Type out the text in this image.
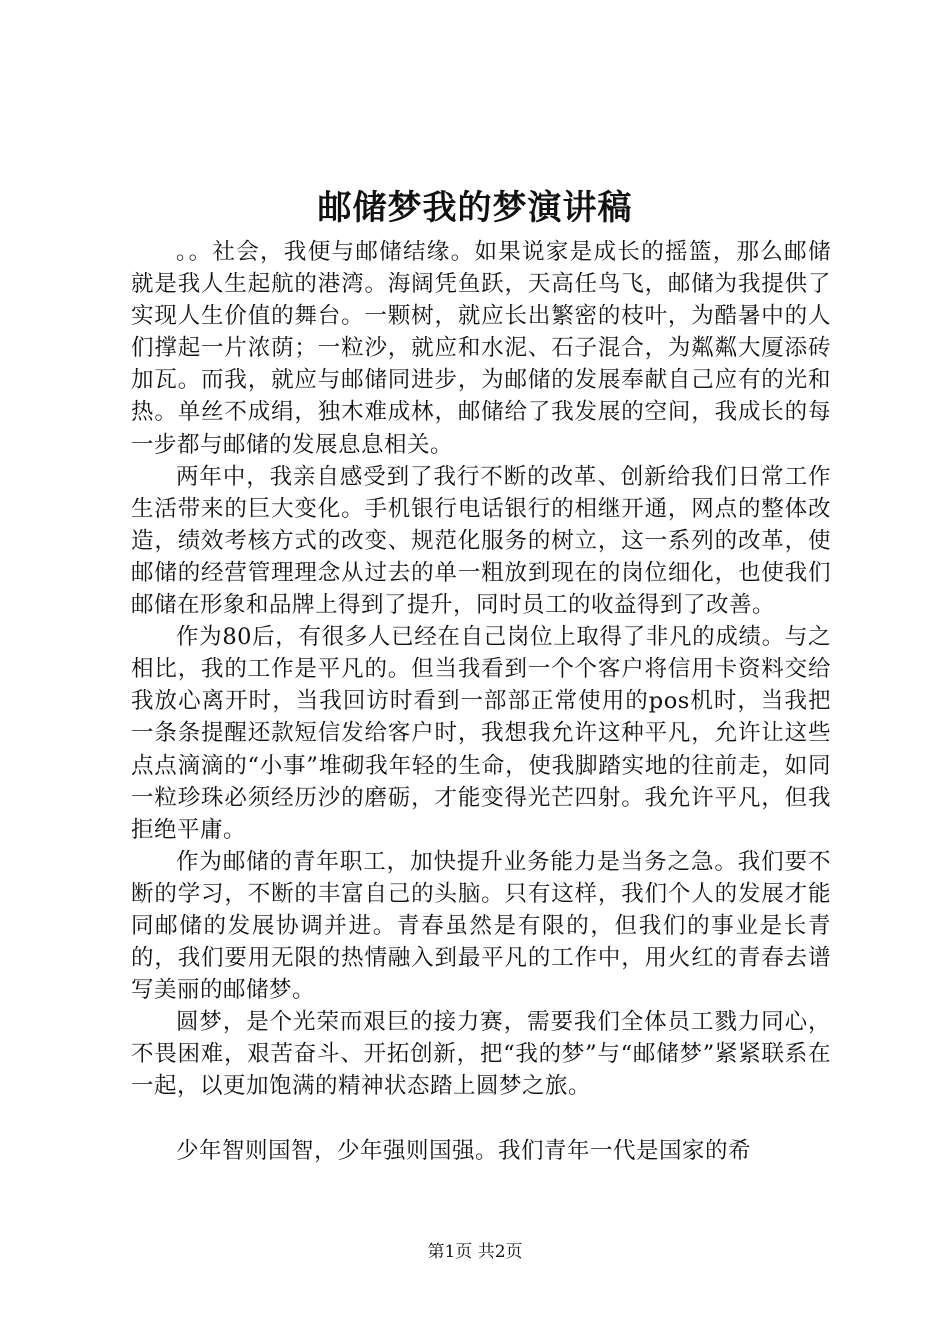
邮储梦我的梦演讲稿

。。社会，我便与邮储结缘。如果说家是成长的摇篮，那么邮储就是我人生起航的港湾。海阔凭鱼跃，天高任鸟飞，邮储为我提供了实现人生价值的舞台。一颗树，就应长出繁密的枝叶，为酷暑中的人们撑起一片浓荫；一粒沙，就应和水泥、石子混合，为粼粼大厦添砖加瓦。而我，就应与邮储同进步，为邮储的发展奉献自己应有的光和热。单丝不成绢，独木难成林，邮储给了我发展的空间，我成长的每一步都与邮储的发展息息相关。

两年中，我亲自感受到了我行不断的改革、创新给我们日常工作生活带来的巨大变化。手机银行电话银行的相继开通，网点的整体改造，绩效考核方式的改变、规范化服务的树立，这一系列的改革，使邮储的经营管理理念从过去的单一粗放到现在的岗位细化，也使我们邮储在形象和品牌上得到了提升，同时员工的收益得到了改善。

作为80后，有很多人已经在自己岗位上取得了非凡的成绩。与之相比，我的工作是平凡的。但当我看到一个个客户将信用卡资料交给我放心离开时，当我回访时看到一部部正常使用的pos机时，当我把一条条提醒还款短信发给客户时，我想我允许这种平凡，允许让这些点点滴滴的“小事”堆砌我年轻的生命，使我脚踏实地的往前走，如同一粒珍珠必须经历沙的磨砺，才能变得光芒四射。我允许平凡，但我拒绝平庸。

作为邮储的青年职工，加快提升业务能力是当务之急。我们要不断的学习，不断的丰富自己的头脑。只有这样，我们个人的发展才能同邮储的发展协调并进。青春虽然是有限的，但我们的事业是长青的，我们要用无限的热情融入到最平凡的工作中，用火红的青春去谱写美丽的邮储梦。

圆梦，是个光荣而艰巨的接力赛，需要我们全体员工戮力同心，不畏困难，艰苦奋斗、开拓创新，把“我的梦”与“邮储梦”紧紧联系在一起，以更加饱满的精神状态踏上圆梦之旅。

少年智则国智，少年强则国强。我们青年一代是国家的希

第1页 共2页
